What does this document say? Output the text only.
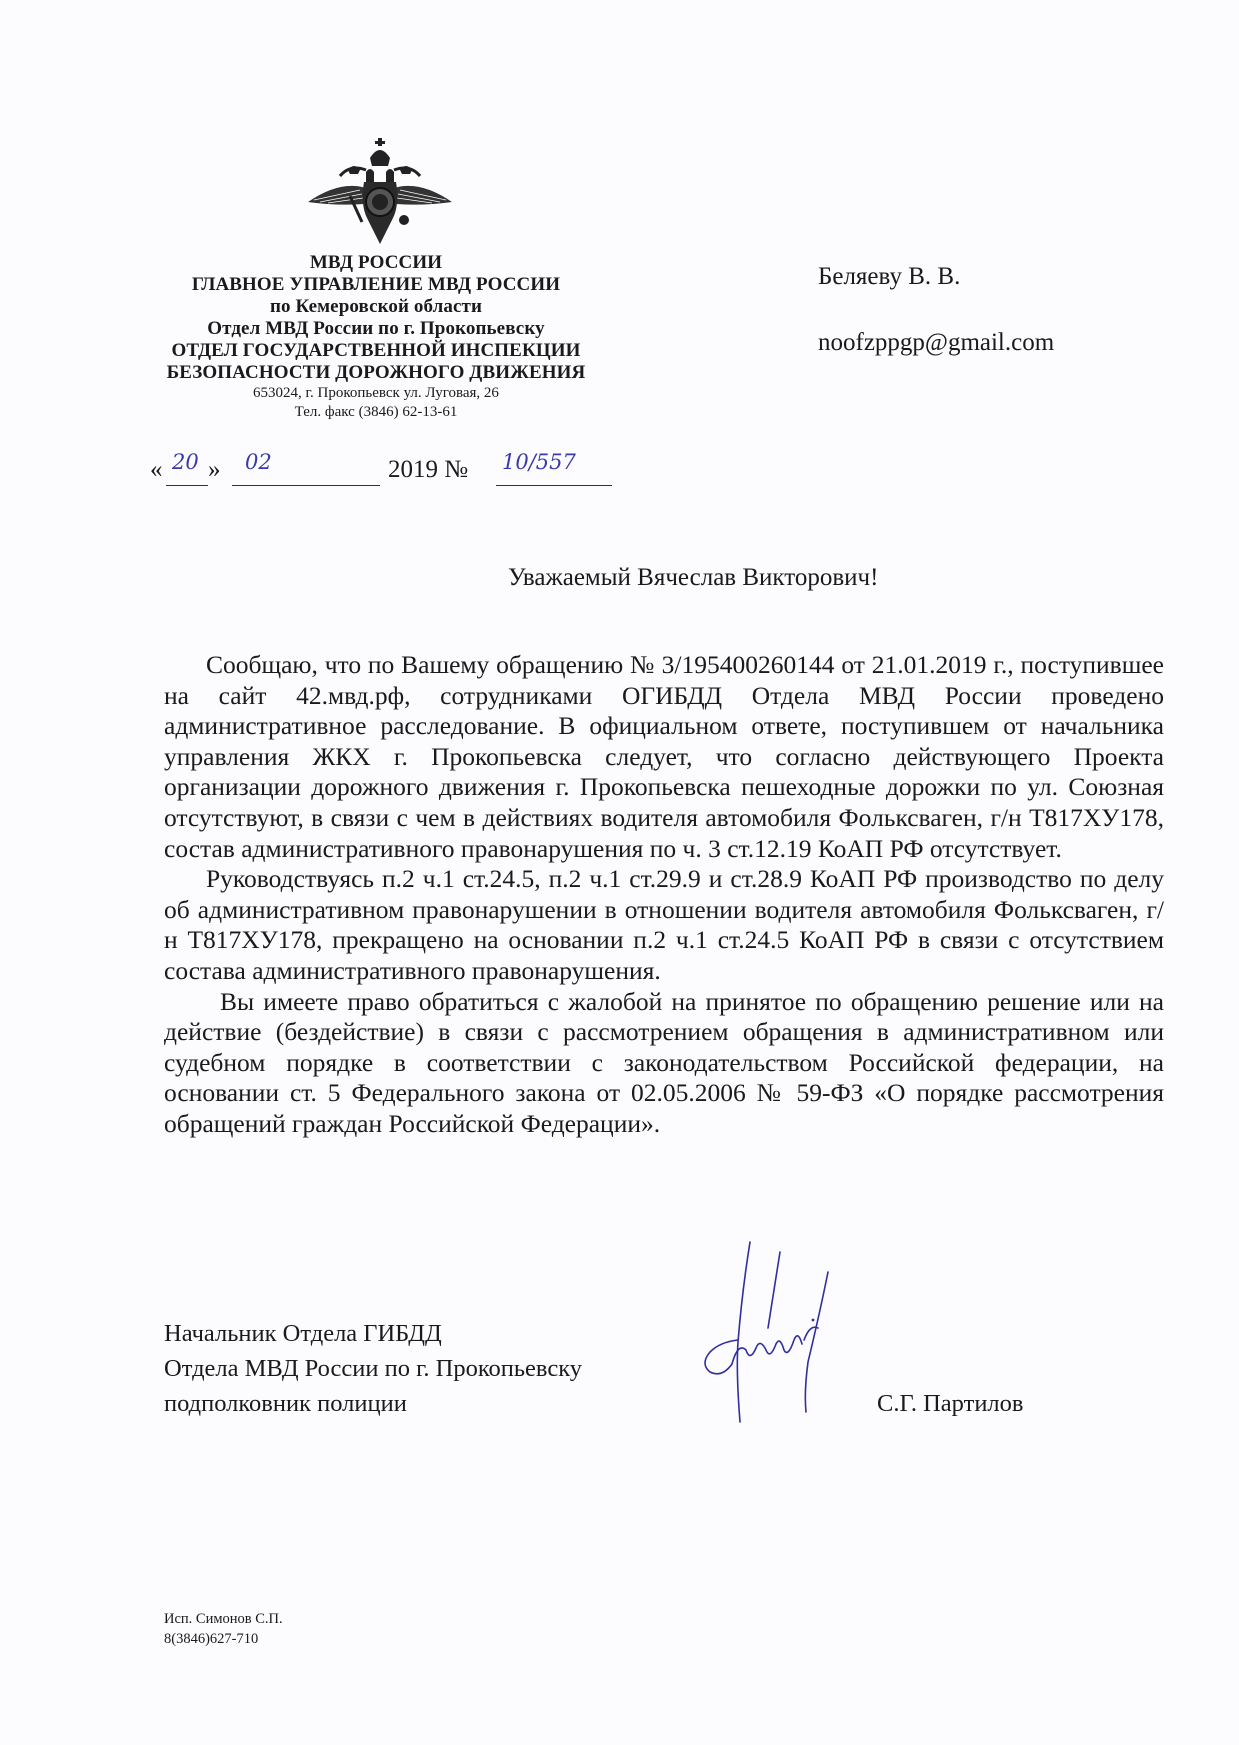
МВД РОССИИ
ГЛАВНОЕ УПРАВЛЕНИЕ МВД РОССИИ
по Кемеровской области
Отдел МВД России по г. Прокопьевску
ОТДЕЛ ГОСУДАРСТВЕННОЙ ИНСПЕКЦИИ
БЕЗОПАСНОСТИ ДОРОЖНОГО ДВИЖЕНИЯ
653024, г. Прокопьевск ул. Луговая, 26
Тел. факс (3846) 62-13-61
Беляеву В. В.
noofzppgp@gmail.com
« 20 » 02	2019 № 10/557
Уважаемый Вячеслав Викторович!

Сообщаю, что по Вашему обращению № 3/195400260144 от 21.01.2019 г., поступившее на сайт 42.мвд.рф, сотрудниками ОГИБДД Отдела МВД России проведено административное расследование. В официальном ответе, поступившем от начальника управления ЖКХ г. Прокопьевска следует, что согласно действующего Проекта организации дорожного движения г. Прокопьевска пешеходные дорожки по ул. Союзная отсутствуют, в связи с чем в действиях водителя автомобиля Фольксваген, г/н Т817ХУ178, состав административного правонарушения по ч. 3 ст.12.19 КоАП РФ отсутствует.

Руководствуясь п.2 ч.1 ст.24.5, п.2 ч.1 ст.29.9 и ст.28.9 КоАП РФ производство по делу об административном правонарушении в отношении водителя автомобиля Фольксваген, г/н Т817ХУ178, прекращено на основании п.2 ч.1 ст.24.5 КоАП РФ в связи с отсутствием состава административного правонарушения.

Вы имеете право обратиться с жалобой на принятое по обращению решение или на действие (бездействие) в связи с рассмотрением обращения в административном или судебном порядке в соответствии с законодательством Российской федерации, на основании ст. 5 Федерального закона от 02.05.2006 № 59-ФЗ «О порядке рассмотрения обращений граждан Российской Федерации».

Начальник Отдела ГИБДД
Отдела МВД России по г. Прокопьевску
подполковник полиции	С.Г. Партилов
Исп. Симонов С.П.
8(3846)627-710
